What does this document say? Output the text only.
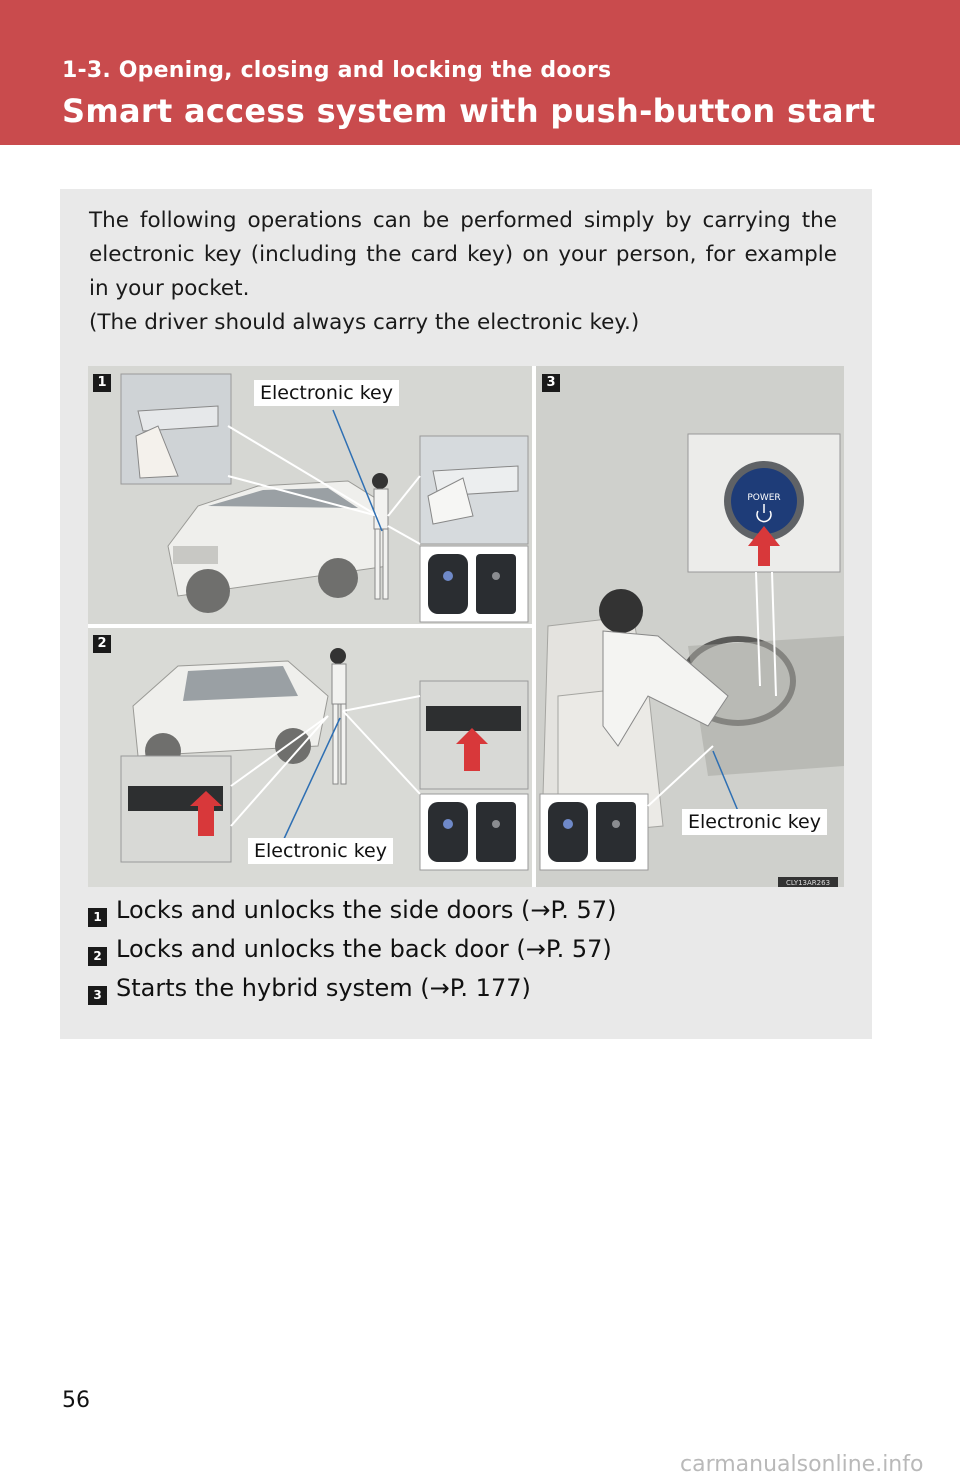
1-3. Opening, closing and locking the doors
Smart access system with push-button start

The following operations can be performed simply by carrying the electronic key (including the card key) on your person, for example in your pocket.

(The driver should always carry the electronic key.)

POWER
CLY13AR263
1
2
3
Electronic key
Electronic key
Electronic key
1 Locks and unlocks the side doors (→P. 57)
2 Locks and unlocks the back door (→P. 57)
3 Starts the hybrid system (→P. 177)
56
carmanualsonline.info
